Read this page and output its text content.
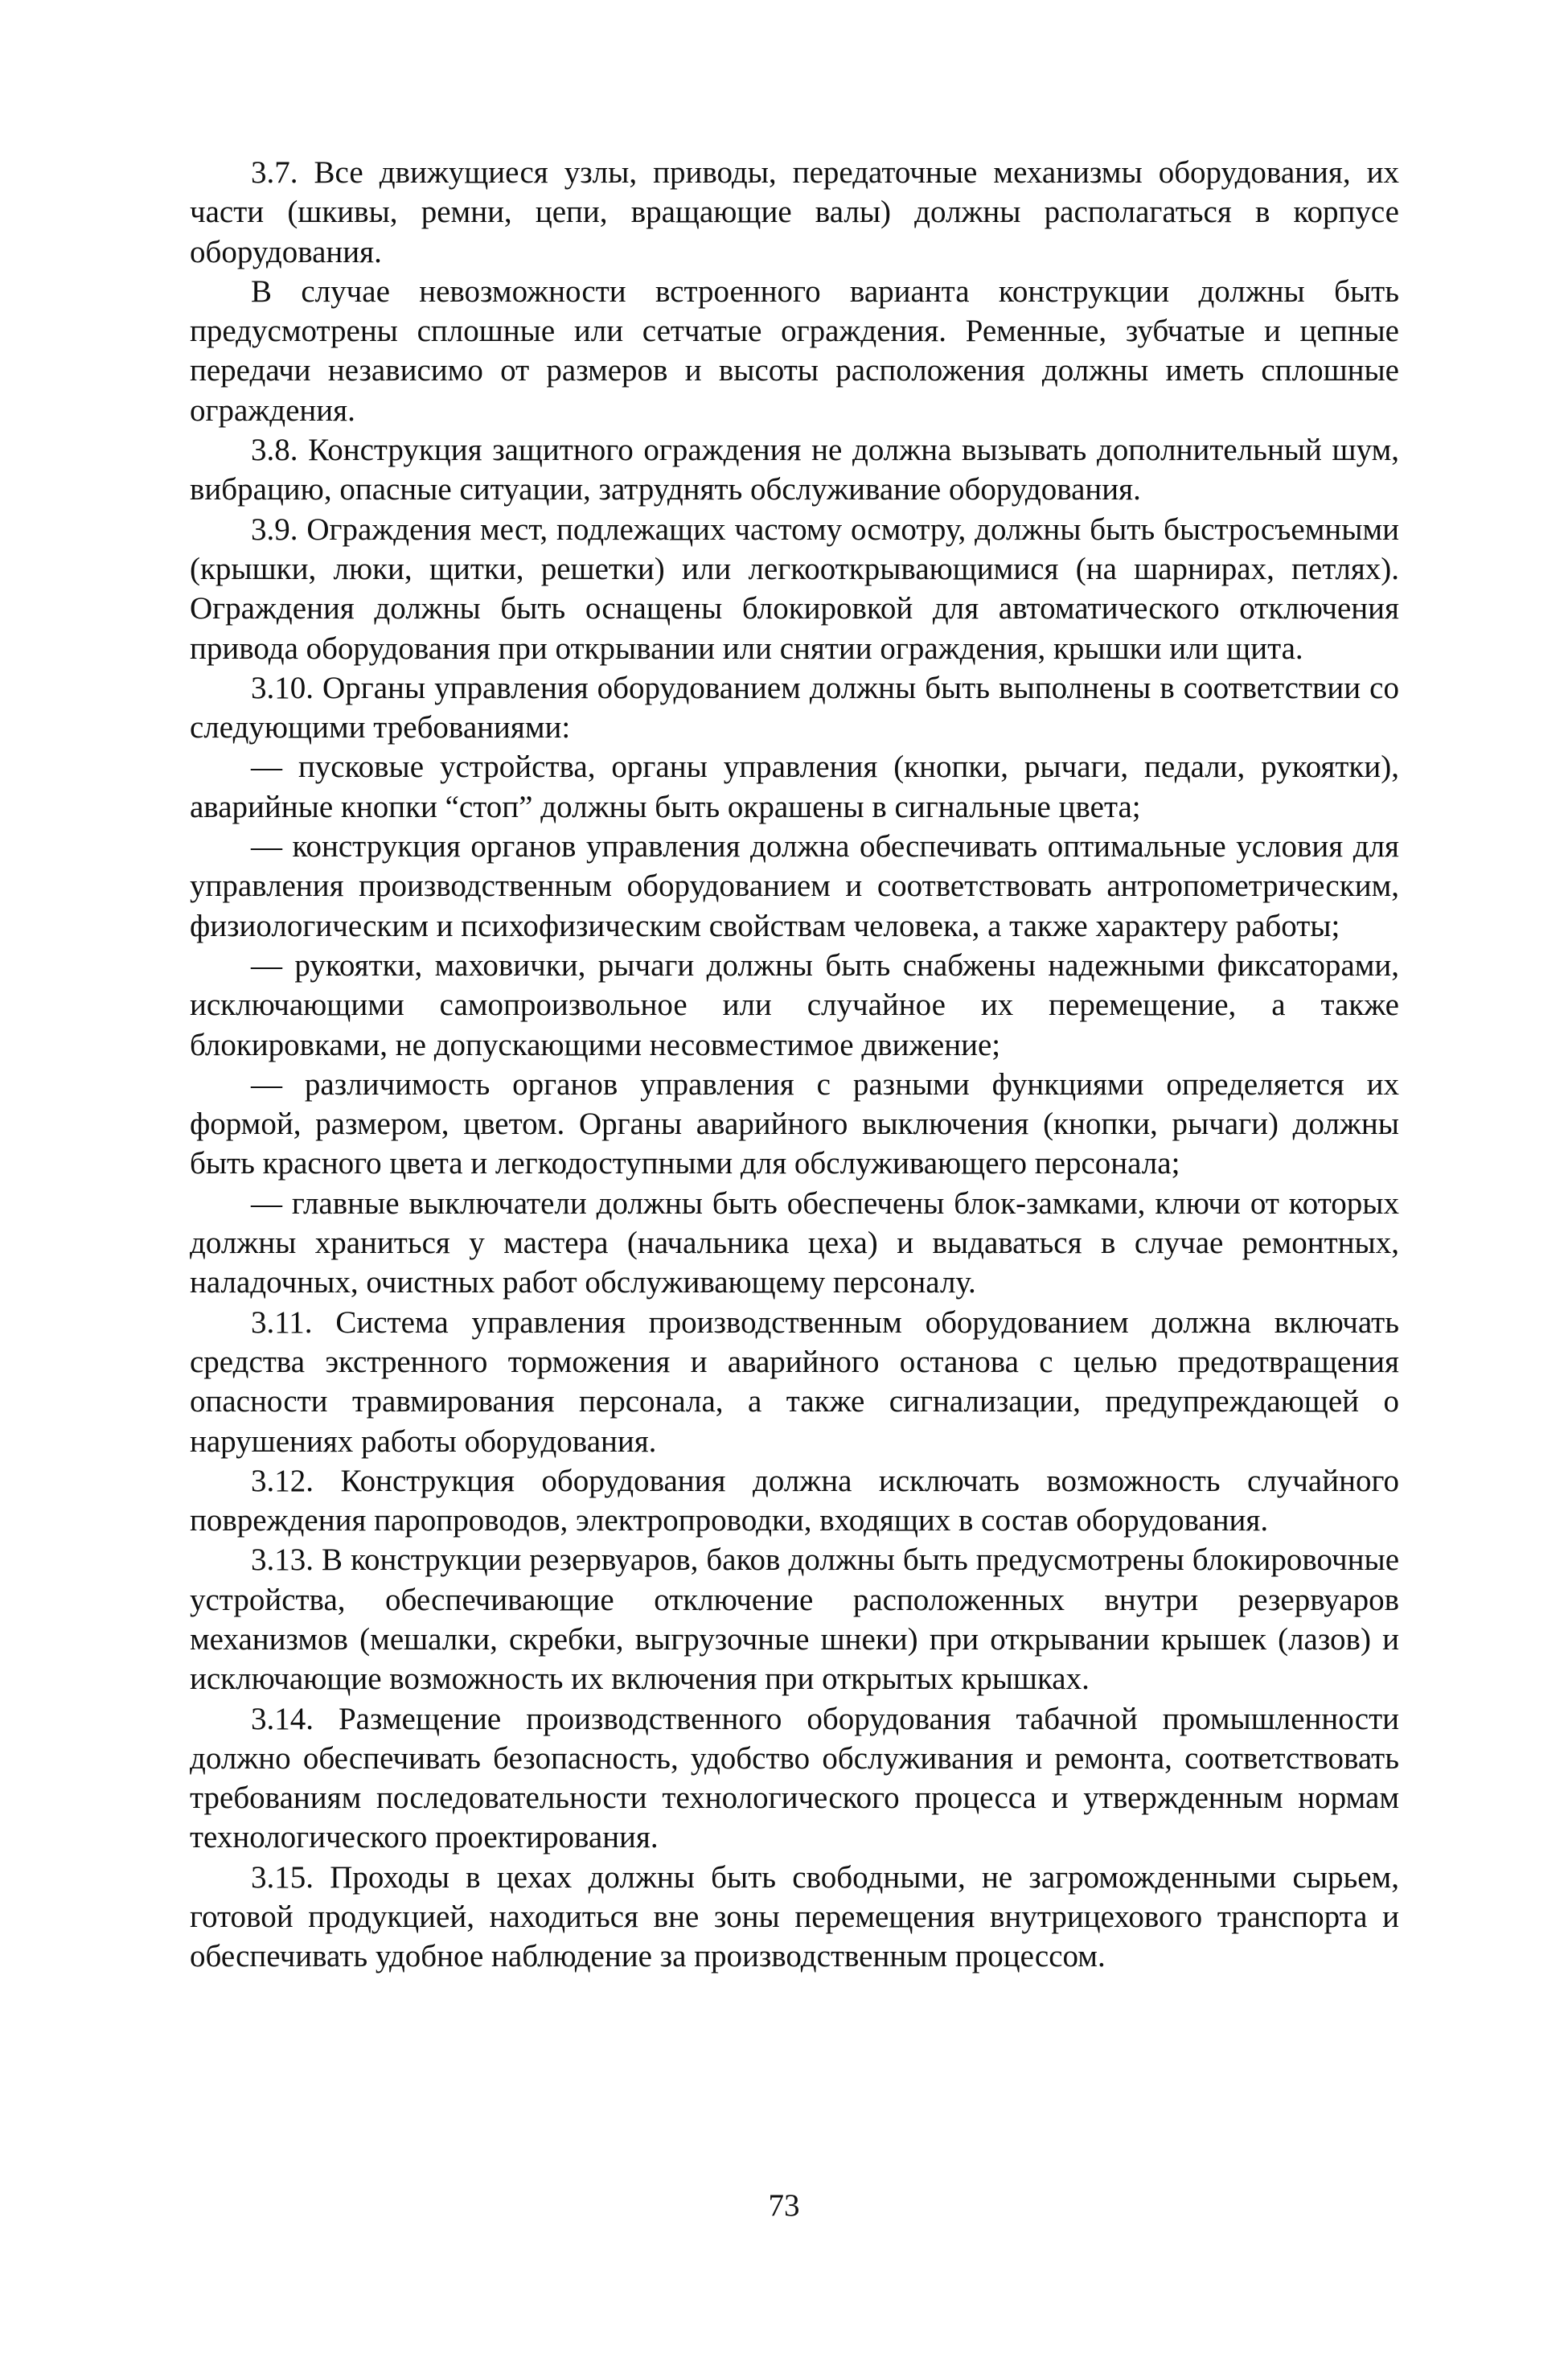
3.7. Все движущиеся узлы, приводы, передаточные механизмы оборудования, их части (шкивы, ремни, цепи, вращающие валы) должны располагаться в корпусе оборудования.

В случае невозможности встроенного варианта конструкции должны быть предусмотрены сплошные или сетчатые ограждения. Ременные, зубчатые и цепные передачи независимо от размеров и высоты расположения должны иметь сплошные ограждения.

3.8. Конструкция защитного ограждения не должна вызывать дополнительный шум, вибрацию, опасные ситуации, затруднять обслуживание оборудования.

3.9. Ограждения мест, подлежащих частому осмотру, должны быть быстросъемными (крышки, люки, щитки, решетки) или легкооткрывающимися (на шарнирах, петлях). Ограждения должны быть оснащены блокировкой для автоматического отключения привода оборудования при открывании или снятии ограждения, крышки или щита.

3.10. Органы управления оборудованием должны быть выполнены в соответствии со следующими требованиями:

— пусковые устройства, органы управления (кнопки, рычаги, педали, рукоятки), аварийные кнопки “стоп” должны быть окрашены в сигнальные цвета;

— конструкция органов управления должна обеспечивать оптимальные условия для управления производственным оборудованием и соответствовать антропометрическим, физиологическим и психофизическим свойствам человека, а также характеру работы;

— рукоятки, маховички, рычаги должны быть снабжены надежными фиксаторами, исключающими самопроизвольное или случайное их перемещение, а также блокировками, не допускающими несовместимое движение;

— различимость органов управления с разными функциями определяется их формой, размером, цветом. Органы аварийного выключения (кнопки, рычаги) должны быть красного цвета и легкодоступными для обслуживающего персонала;

— главные выключатели должны быть обеспечены блок-замками, ключи от которых должны храниться у мастера (начальника цеха) и выдаваться в случае ремонтных, наладочных, очистных работ обслуживающему персоналу.

3.11. Система управления производственным оборудованием должна включать средства экстренного торможения и аварийного останова с целью предотвращения опасности травмирования персонала, а также сигнализации, предупреждающей о нарушениях работы оборудования.

3.12. Конструкция оборудования должна исключать возможность случайного повреждения паропроводов, электропроводки, входящих в состав оборудования.

3.13. В конструкции резервуаров, баков должны быть предусмотрены блокировочные устройства, обеспечивающие отключение расположенных внутри резервуаров механизмов (мешалки, скребки, выгрузочные шнеки) при открывании крышек (лазов) и исключающие возможность их включения при открытых крышках.

3.14. Размещение производственного оборудования табачной промышленности должно обеспечивать безопасность, удобство обслуживания и ремонта, соответствовать требованиям последовательности технологического процесса и утвержденным нормам технологического проектирования.

3.15. Проходы в цехах должны быть свободными, не загроможденными сырьем, готовой продукцией, находиться вне зоны перемещения внутрицехового транспорта и обеспечивать удобное наблюдение за производственным процессом.

73
